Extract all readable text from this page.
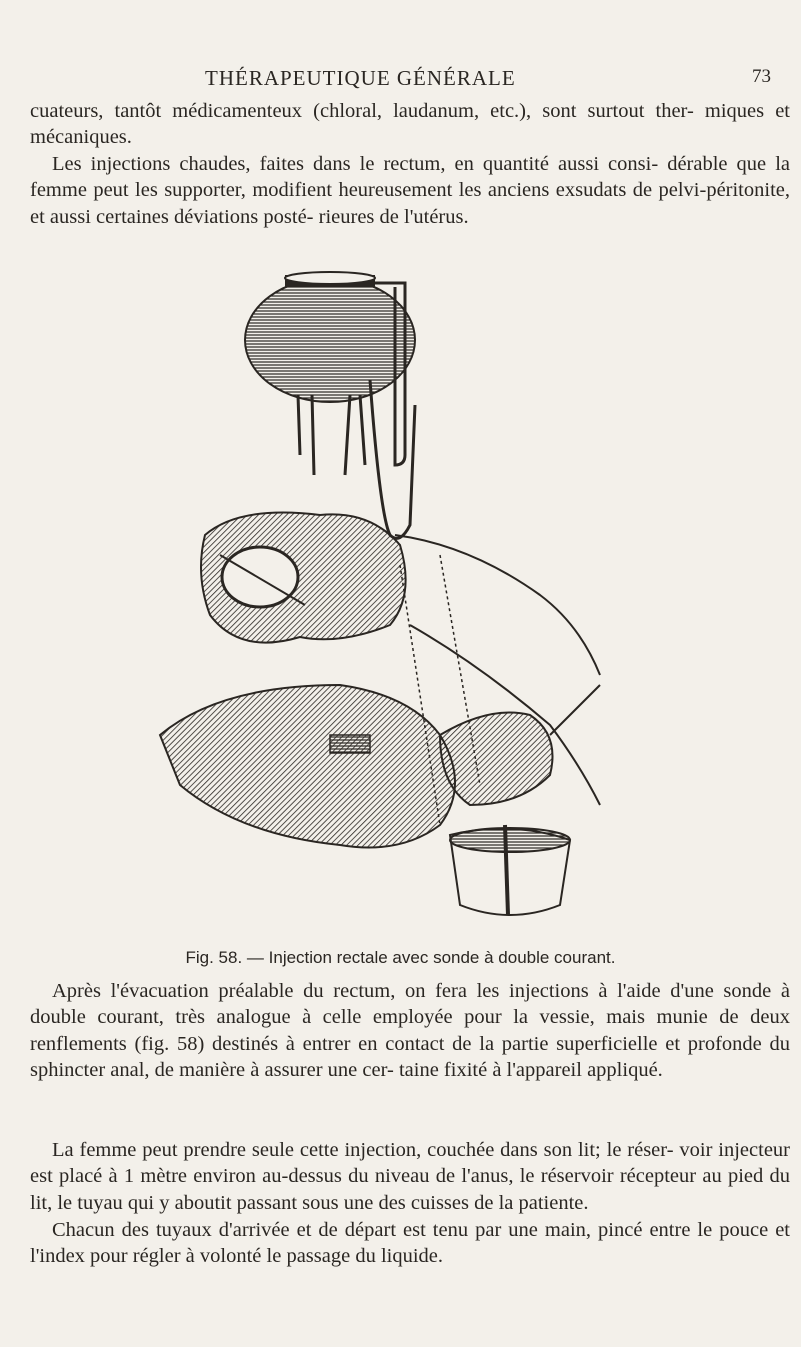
THÉRAPEUTIQUE GÉNÉRALE	73

cuateurs, tantôt médicamenteux (chloral, laudanum, etc.), sont surtout ther- miques et mécaniques.

Les injections chaudes, faites dans le rectum, en quantité aussi consi- dérable que la femme peut les supporter, modifient heureusement les anciens exsudats de pelvi-péritonite, et aussi certaines déviations posté- rieures de l'utérus.

Fig. 58. — Injection rectale avec sonde à double courant.

Après l'évacuation préalable du rectum, on fera les injections à l'aide d'une sonde à double courant, très analogue à celle employée pour la vessie, mais munie de deux renflements (fig. 58) destinés à entrer en contact de la partie superficielle et profonde du sphincter anal, de manière à assurer une cer- taine fixité à l'appareil appliqué.

La femme peut prendre seule cette injection, couchée dans son lit; le réser- voir injecteur est placé à 1 mètre environ au-dessus du niveau de l'anus, le réservoir récepteur au pied du lit, le tuyau qui y aboutit passant sous une des cuisses de la patiente.

Chacun des tuyaux d'arrivée et de départ est tenu par une main, pincé entre le pouce et l'index pour régler à volonté le passage du liquide.
